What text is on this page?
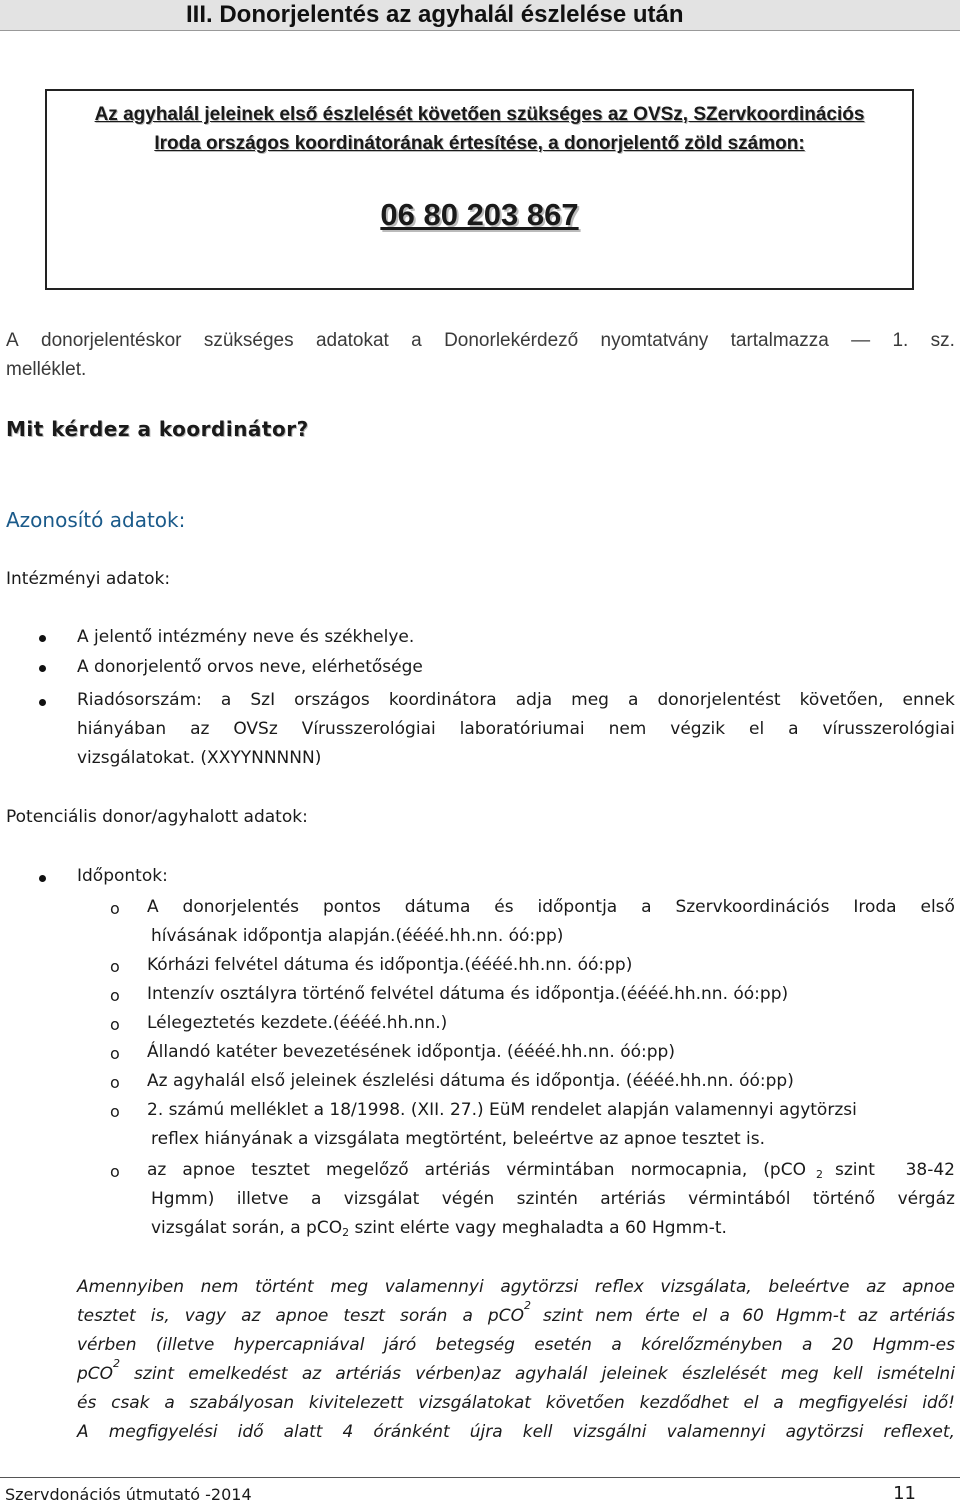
III. Donorjelentés az agyhalál észlelése után
Az agyhalál jeleinek első észlelését követően szükséges az OVSz, SZervkoordinációs
Iroda országos koordinátorának értesítése, a donorjelentő zöld számon:
06 80 203 867
A donorjelentéskor szükséges adatokat a Donorlekérdező nyomtatvány tartalmazza — 1. sz.
melléklet.
Mit kérdez a koordinátor?
Azonosító adatok:
Intézményi adatok:
A jelentő intézmény neve és székhelye.
A donorjelentő orvos neve, elérhetősége
Riadósorszám: a SzI országos koordinátora adja meg a donorjelentést követően, ennek
hiányában az OVSz Vírusszerológiai laboratóriumai nem végzik el a vírusszerológiai
vizsgálatokat. (XXYYNNNNN)
Potenciális donor/agyhalott adatok:
Időpontok:
o A donorjelentés pontos dátuma és időpontja a Szervkoordinációs Iroda első
hívásának időpontja alapján.(éééé.hh.nn. óó:pp)
o Kórházi felvétel dátuma és időpontja.(éééé.hh.nn. óó:pp)
o Intenzív osztályra történő felvétel dátuma és időpontja.(éééé.hh.nn. óó:pp)
o Lélegeztetés kezdete.(éééé.hh.nn.)
o Állandó katéter bevezetésének időpontja. (éééé.hh.nn. óó:pp)
o Az agyhalál első jeleinek észlelési dátuma és időpontja. (éééé.hh.nn. óó:pp)
o 2. számú melléklet a 18/1998. (XII. 27.) EüM rendelet alapján valamennyi agytörzsi
reflex hiányának a vizsgálata megtörtént, beleértve az apnoe tesztet is.
o az apnoe tesztet megelőző artériás vérmintában normocapnia, (pCO $_2$ szint 38-42
Hgmm) illetve a vizsgálat végén szintén artériás vérmintából történő vérgáz
vizsgálat során, a pCO$_2$ szint elérte vagy meghaladta a 60 Hgmm-t.
Amennyiben nem történt meg valamennyi agytörzsi reflex vizsgálata, beleértve az apnoe
tesztet is, vagy az apnoe teszt során a pCO
2
szint nem érte el a 60 Hgmm-t az artériás
vérben (illetve hypercapniával járó betegség esetén a kórelőzményben a 20 Hgmm-es
pCO
2
szint emelkedést az artériás vérben)az agyhalál jeleinek észlelését meg kell ismételni
és csak a szabályosan kivitelezett vizsgálatokat követően kezdődhet el a megfigyelési idő!
A megfigyelési idő alatt 4 óránként újra kell vizsgálni valamennyi agytörzsi reflexet,
Szervdonációs útmutató -2014	11
